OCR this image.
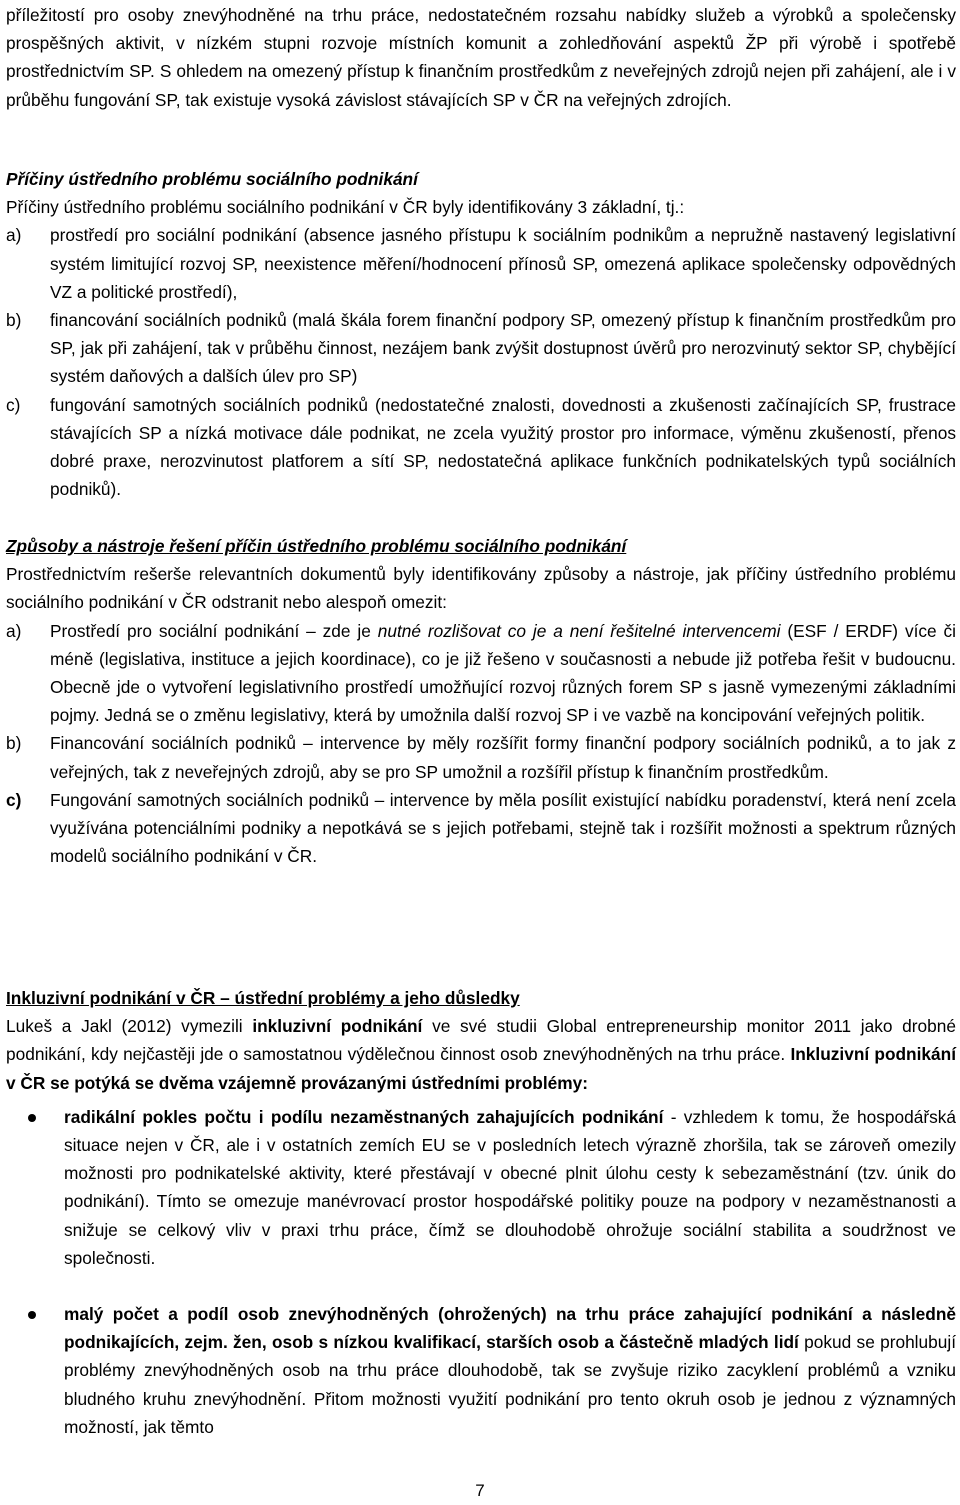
příležitostí pro osoby znevýhodněné na trhu práce, nedostatečném rozsahu nabídky služeb a výrobků a společensky prospěšných aktivit, v nízkém stupni rozvoje místních komunit a zohledňování aspektů ŽP při výrobě i spotřebě prostřednictvím SP. S ohledem na omezený přístup k finančním prostředkům z neveřejných zdrojů nejen při zahájení, ale i v průběhu fungování SP, tak existuje vysoká závislost stávajících SP v ČR na veřejných zdrojích.

Příčiny ústředního problému sociálního podnikání

Příčiny ústředního problému sociálního podnikání v ČR byly identifikovány 3 základní, tj.:

a) prostředí pro sociální podnikání (absence jasného přístupu k sociálním podnikům a nepružně nastavený legislativní systém limitující rozvoj SP, neexistence měření/hodnocení přínosů SP, omezená aplikace společensky odpovědných VZ a politické prostředí),
b) financování sociálních podniků (malá škála forem finanční podpory SP, omezený přístup k finančním prostředkům pro SP, jak při zahájení, tak v průběhu činnost, nezájem bank zvýšit dostupnost úvěrů pro nerozvinutý sektor SP, chybějící systém daňových a dalších úlev pro SP)
c) fungování samotných sociálních podniků (nedostatečné znalosti, dovednosti a zkušenosti začínajících SP, frustrace stávajících SP a nízká motivace dále podnikat, ne zcela využitý prostor pro informace, výměnu zkušeností, přenos dobré praxe, nerozvinutost platforem a sítí SP, nedostatečná aplikace funkčních podnikatelských typů sociálních podniků).

Způsoby a nástroje řešení příčin ústředního problému sociálního podnikání

Prostřednictvím rešerše relevantních dokumentů byly identifikovány způsoby a nástroje, jak příčiny ústředního problému sociálního podnikání v ČR odstranit nebo alespoň omezit:

a) Prostředí pro sociální podnikání – zde je nutné rozlišovat co je a není řešitelné intervencemi (ESF / ERDF) více či méně (legislativa, instituce a jejich koordinace), co je již řešeno v současnosti a nebude již potřeba řešit v budoucnu. Obecně jde o vytvoření legislativního prostředí umožňující rozvoj různých forem SP s jasně vymezenými základními pojmy. Jedná se o změnu legislativy, která by umožnila další rozvoj SP i ve vazbě na koncipování veřejných politik.
b) Financování sociálních podniků – intervence by měly rozšířit formy finanční podpory sociálních podniků, a to jak z veřejných, tak z neveřejných zdrojů, aby se pro SP umožnil a rozšířil přístup k finančním prostředkům.
c) Fungování samotných sociálních podniků – intervence by měla posílit existující nabídku poradenství, která není zcela využívána potenciálními podniky a nepotkává se s jejich potřebami, stejně tak i rozšířit možnosti a spektrum různých modelů sociálního podnikání v ČR.

Inkluzivní podnikání v ČR – ústřední problémy a jeho důsledky

Lukeš a Jakl (2012) vymezili inkluzivní podnikání ve své studii Global entrepreneurship monitor 2011 jako drobné podnikání, kdy nejčastěji jde o samostatnou výdělečnou činnost osob znevýhodněných na trhu práce. Inkluzivní podnikání v ČR se potýká se dvěma vzájemně provázanými ústředními problémy:

radikální pokles počtu i podílu nezaměstnaných zahajujících podnikání - vzhledem k tomu, že hospodářská situace nejen v ČR, ale i v ostatních zemích EU se v posledních letech výrazně zhoršila, tak se zároveň omezily možnosti pro podnikatelské aktivity, které přestávají v obecné plnit úlohu cesty k sebezaměstnání (tzv. únik do podnikání). Tímto se omezuje manévrovací prostor hospodářské politiky pouze na podpory v nezaměstnanosti a snižuje se celkový vliv v praxi trhu práce, čímž se dlouhodobě ohrožuje sociální stabilita a soudržnost ve společnosti.
malý počet a podíl osob znevýhodněných (ohrožených) na trhu práce zahajující podnikání a následně podnikajících, zejm. žen, osob s nízkou kvalifikací, starších osob a částečně mladých lidí pokud se prohlubují problémy znevýhodněných osob na trhu práce dlouhodobě, tak se zvyšuje riziko zacyklení problémů a vzniku bludného kruhu znevýhodnění. Přitom možnosti využití podnikání pro tento okruh osob je jednou z významných možností, jak těmto
7
